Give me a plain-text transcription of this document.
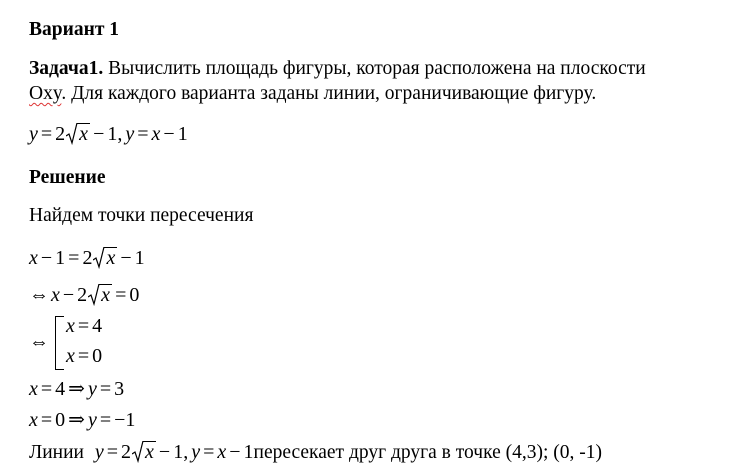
Вариант 1
Задача1. Вычислить площадь фигуры, которая расположена на плоскости
Oxy. Для каждого варианта заданы линии, ограничивающие фигуру.
y = 2 x − 1, y = x − 1
Решение
Найдем точки пересечения
x − 1 = 2 x − 1
⇔ x − 2 x = 0
⇔
x = 4
x = 0
x = 4 ⇒ y = 3
x = 0 ⇒ y = −1
Линии y = 2 x − 1, y = x − 1пересекает друг друга в точке (4,3); (0, -1)
